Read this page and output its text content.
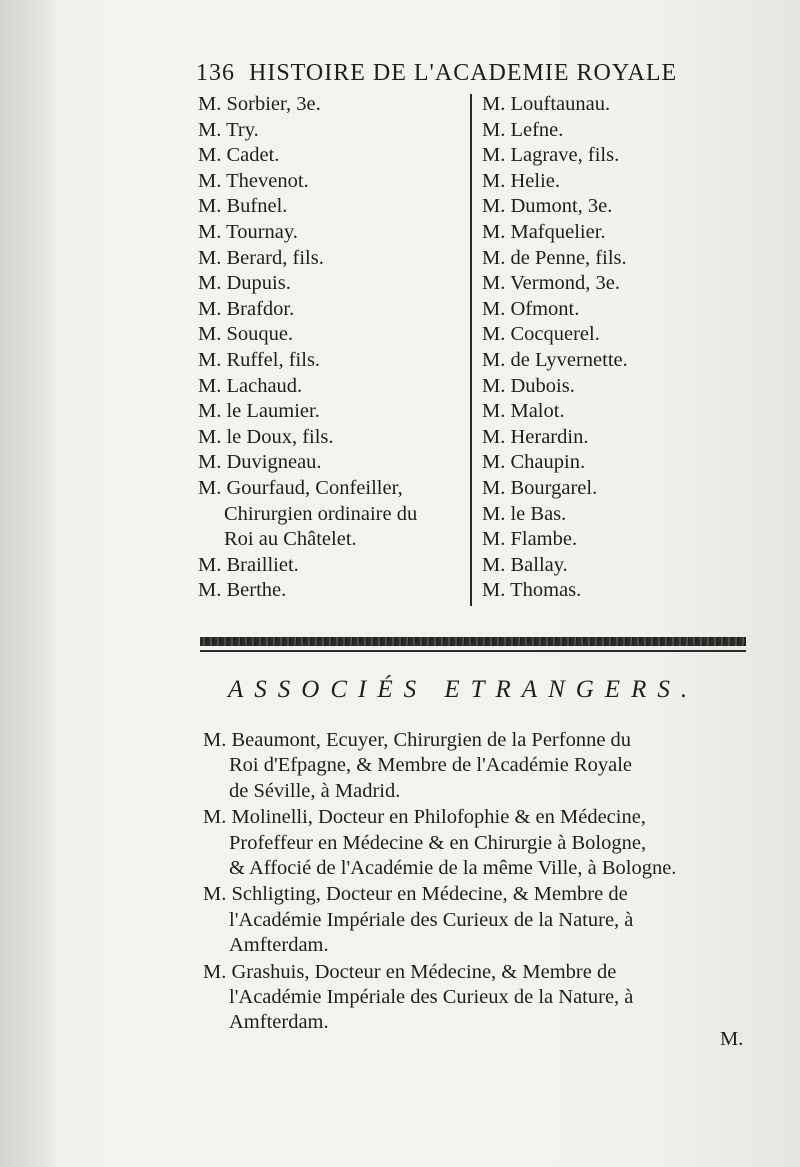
136 HISTOIRE DE L'ACADEMIE ROYALE
M. Sorbier, 3e.
M. Try.
M. Cadet.
M. Thevenot.
M. Bufnel.
M. Tournay.
M. Berard, fils.
M. Dupuis.
M. Brafdor.
M. Souque.
M. Ruffel, fils.
M. Lachaud.
M. le Laumier.
M. le Doux, fils.
M. Duvigneau.
M. Gourfaud, Confeiller,
Chirurgien ordinaire du
Roi au Châtelet.
M. Brailliet.
M. Berthe.
M. Louftaunau.
M. Lefne.
M. Lagrave, fils.
M. Helie.
M. Dumont, 3e.
M. Mafquelier.
M. de Penne, fils.
M. Vermond, 3e.
M. Ofmont.
M. Cocquerel.
M. de Lyvernette.
M. Dubois.
M. Malot.
M. Herardin.
M. Chaupin.
M. Bourgarel.
M. le Bas.
M. Flambe.
M. Ballay.
M. Thomas.
ASSOCIÉS ETRANGERS.
M. Beaumont, Ecuyer, Chirurgien de la Perfonne du
Roi d'Efpagne, & Membre de l'Académie Royale
de Séville, à Madrid.
M. Molinelli, Docteur en Philofophie & en Médecine,
Profeffeur en Médecine & en Chirurgie à Bologne,
& Affocié de l'Académie de la même Ville, à Bologne.
M. Schligting, Docteur en Médecine, & Membre de
l'Académie Impériale des Curieux de la Nature, à
Amfterdam.
M. Grashuis, Docteur en Médecine, & Membre de
l'Académie Impériale des Curieux de la Nature, à
Amfterdam.
M.
